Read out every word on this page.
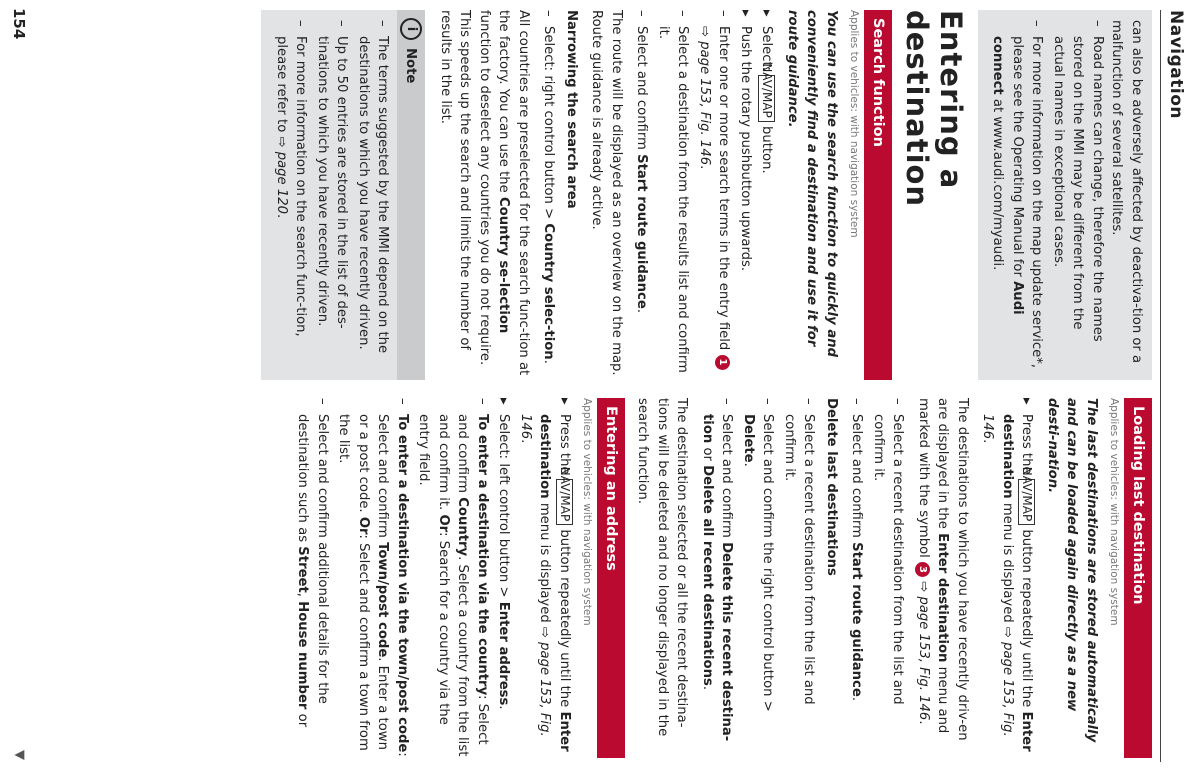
Navigation

can also be adversely affected by deactiva-tion or a malfunction of several satellites.

–Road names can change, therefore the names stored on the MMI may be different from the actual names in exceptional cases.

–For more information on the map update service*, please see the Operating Manual for Audi connect at www.audi.com/myaudi.

Entering a destination
Search function
Applies to vehicles: with navigation system

You can use the search function to quickly and conveniently find a destination and use it for route guidance.

▸Select: NAV/MAP button.

▸Push the rotary pushbutton upwards.

–Enter one or more search terms in the entry field 1 ⇨ page 153, Fig. 146.

–Select a destination from the results list and confirm it.

–Select and confirm Start route guidance.

The route will be displayed as an overview on the map. Route guidance is already active.

Narrowing the search area

–Select: right control button > Country selec-tion.

All countries are preselected for the search func-tion at the factory. You can use the Country se-lection function to deselect any countries you do not require. This speeds up the search and limits the number of results in the list.

iNote

–The terms suggested by the MMI depend on the destinations to which you have recently driven.

–Up to 50 entries are stored in the list of des-tinations to which you have recently driven.

–For more information on the search func-tion, please refer to ⇨ page 120.

Loading last destination
Applies to vehicles: with navigation system

The last destinations are stored automatically and can be loaded again directly as a new desti-nation.

▸Press the NAV/MAP button repeatedly until the Enter destination menu is displayed ⇨ page 153, Fig. 146.

The destinations to which you have recently driv-en are displayed in the Enter destination menu and marked with the symbol 3 ⇨ page 153, Fig. 146.

–Select a recent destination from the list and confirm it.

–Select and confirm Start route guidance.

Delete last destinations

–Select a recent destination from the list and confirm it.

–Select and confirm the right control button > Delete.

–Select and confirm Delete this recent destina-tion or Delete all recent destinations.

The destination selected or all the recent destina-tions will be deleted and no longer displayed in the search function.

Entering an address
Applies to vehicles: with navigation system

▸Press the NAV/MAP button repeatedly until the Enter destination menu is displayed ⇨ page 153, Fig. 146.

▸Select: left control button > Enter address.

–To enter a destination via the country: Select and confirm Country. Select a country from the list and confirm it. Or: Search for a country via the entry field.

–To enter a destination via the town/post code: Select and confirm Town/post code. Enter a town or a post code. Or: Select and confirm a town from the list.

–Select and confirm additional details for the destination such as Street, House number or

154
▼
